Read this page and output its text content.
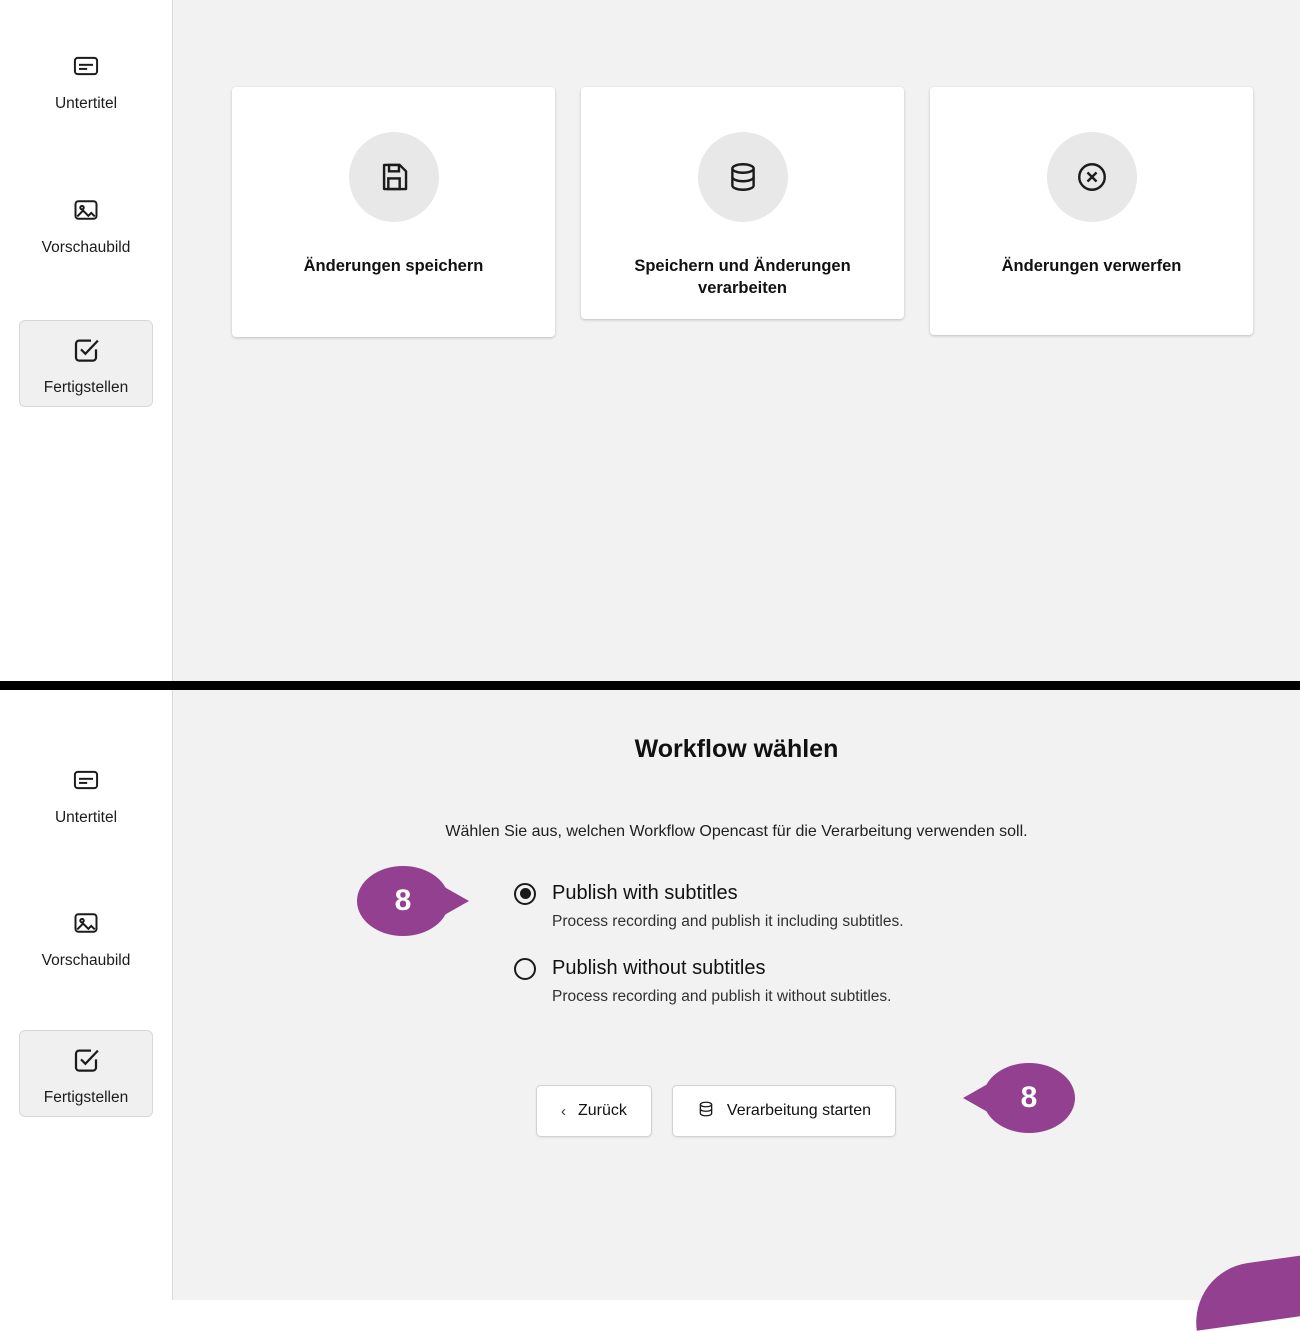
Untertitel
Vorschaubild
Fertigstellen
Änderungen speichern	Speichern und Änderungen verarbeiten
Änderungen verwerfen
Untertitel
Vorschaubild
Fertigstellen
Workflow wählen
Wählen Sie aus, welchen Workflow Opencast für die Verarbeitung verwenden soll.
Publish with subtitles
Process recording and publish it including subtitles.
Publish without subtitles
Process recording and publish it without subtitles.
‹ Zurück	Verarbeitung starten
8
8
